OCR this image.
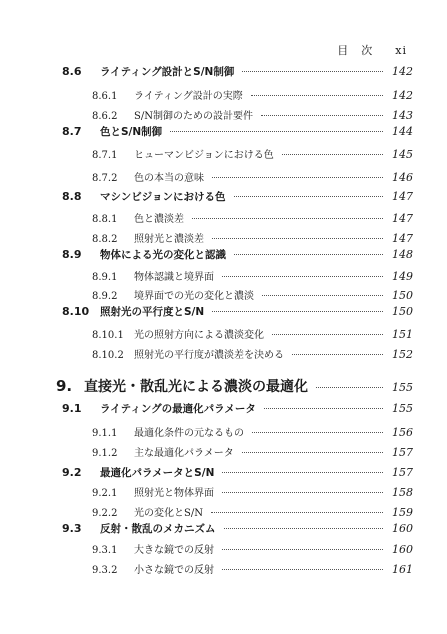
目　次 xi
8.6	ライティング設計とS/N制御	142
8.6.1	ライティング設計の実際	142
8.6.2	S/N制御のための設計要件	143
8.7	色とS/N制御	144
8.7.1	ヒューマンビジョンにおける色	145
8.7.2	色の本当の意味	146
8.8	マシンビジョンにおける色	147
8.8.1	色と濃淡差	147
8.8.2	照射光と濃淡差	147
8.9	物体による光の変化と認識	148
8.9.1	物体認識と境界面	149
8.9.2	境界面での光の変化と濃淡	150
8.10	照射光の平行度とS/N	150
8.10.1	光の照射方向による濃淡変化	151
8.10.2	照射光の平行度が濃淡差を決める	152
9. 直接光・散乱光による濃淡の最適化	155
9.1	ライティングの最適化パラメータ	155
9.1.1	最適化条件の元なるもの	156
9.1.2	主な最適化パラメータ	157
9.2	最適化パラメータとS/N	157
9.2.1	照射光と物体界面	158
9.2.2	光の変化とS/N	159
9.3	反射・散乱のメカニズム	160
9.3.1	大きな鏡での反射	160
9.3.2	小さな鏡での反射	161
